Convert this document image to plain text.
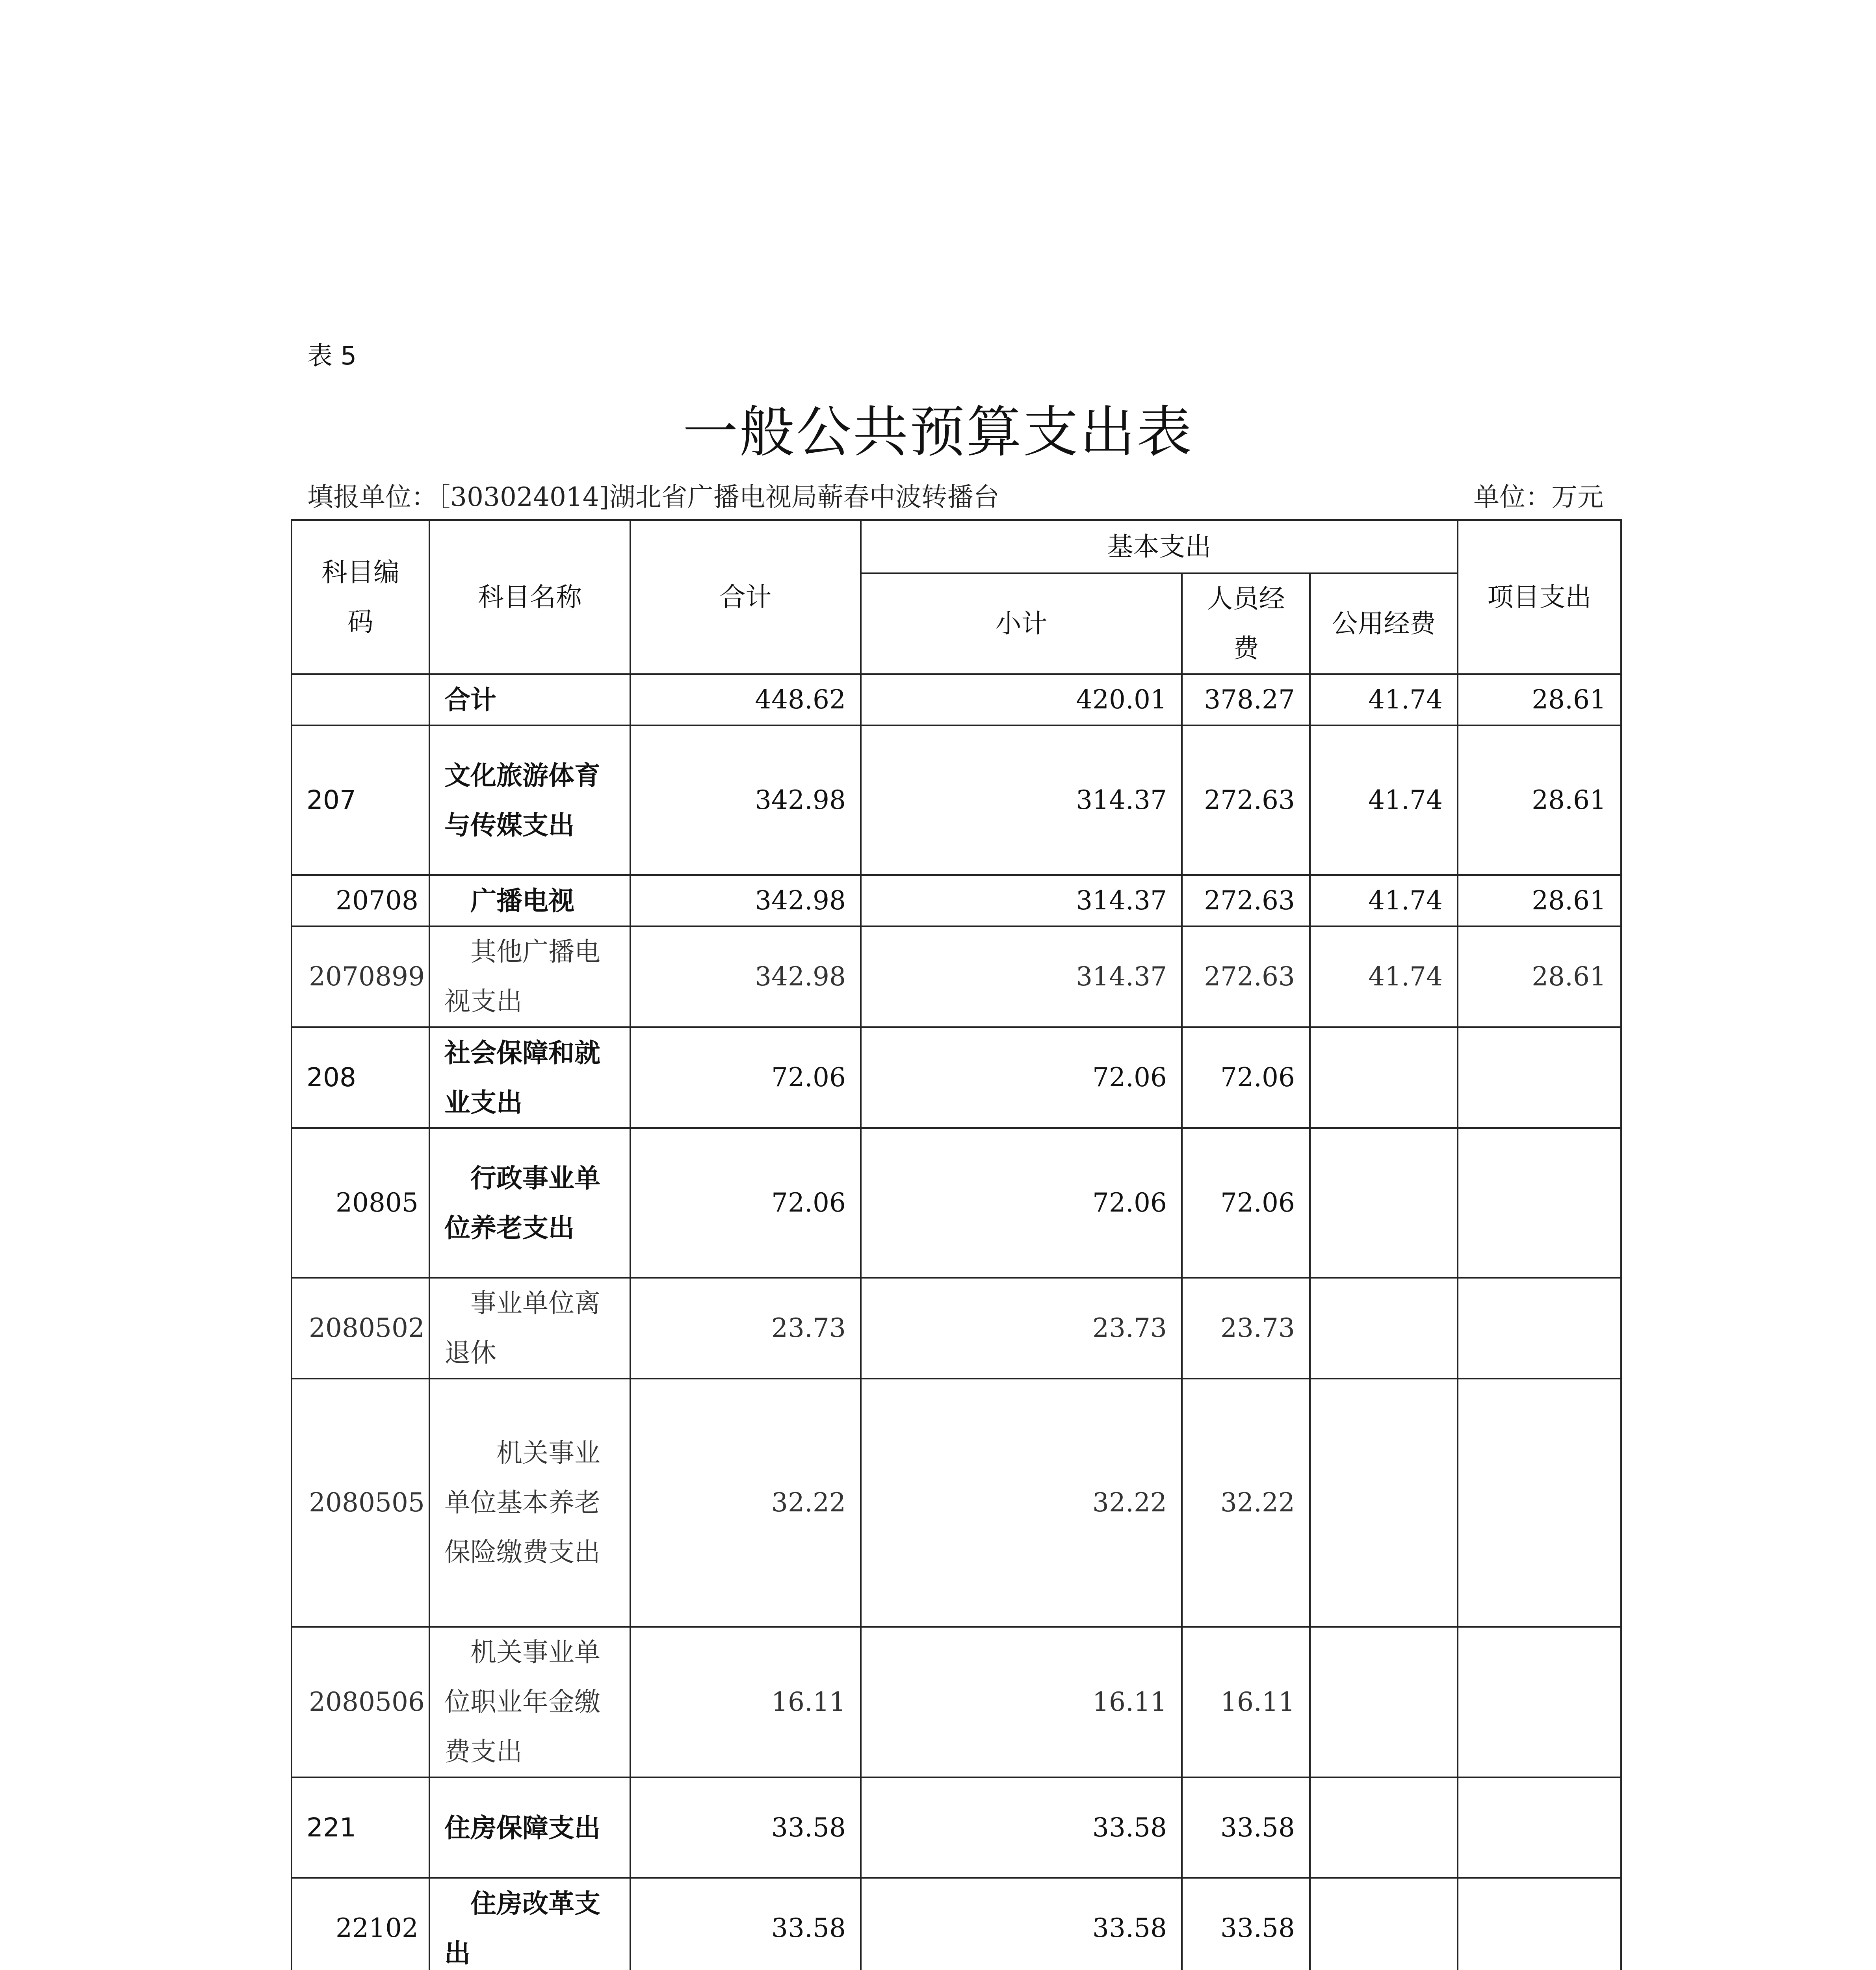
表 5
一般公共预算支出表
填报单位：［303024014]湖北省广播电视局蕲春中波转播台	单位：万元
科目编码	科目名称	合计	基本支出			项目支出
			小计	人员经费	公用经费	
	合计	448.62	420.01	378.27	41.74	28.61
207	文化旅游体育与传媒支出	342.98	314.37	272.63	41.74	28.61
20708	广播电视	342.98	314.37	272.63	41.74	28.61
2070899	其他广播电视支出	342.98	314.37	272.63	41.74	28.61
208	社会保障和就业支出	72.06	72.06	72.06		
20805	行政事业单位养老支出	72.06	72.06	72.06		
2080502	事业单位离退休	23.73	23.73	23.73		
2080505	机关事业单位基本养老保险缴费支出	32.22	32.22	32.22		
2080506	机关事业单位职业年金缴费支出	16.11	16.11	16.11		
221	住房保障支出	33.58	33.58	33.58		
22102	住房改革支出	33.58	33.58	33.58		
